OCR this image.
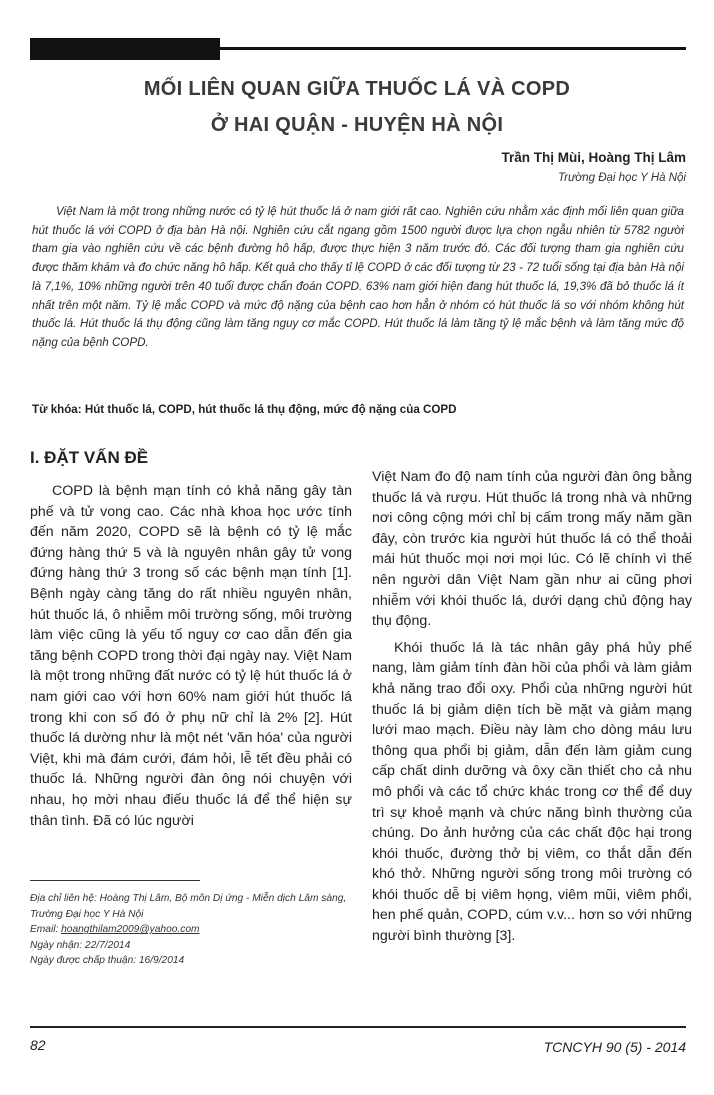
MỐI LIÊN QUAN GIỮA THUỐC LÁ VÀ COPD
Ở HAI QUẬN - HUYỆN HÀ NỘI
Trần Thị Mùi, Hoàng Thị Lâm
Trường Đại học Y Hà Nội
Việt Nam là một trong những nước có tỷ lệ hút thuốc lá ở nam giới rất cao. Nghiên cứu nhằm xác định mối liên quan giữa hút thuốc lá với COPD ở địa bàn Hà nội. Nghiên cứu cắt ngang gồm 1500 người được lựa chọn ngẫu nhiên từ 5782 người tham gia vào nghiên cứu về các bệnh đường hô hấp, được thực hiện 3 năm trước đó. Các đối tượng tham gia nghiên cứu được thăm khám và đo chức năng hô hấp. Kết quả cho thấy tỉ lệ COPD ở các đối tượng từ 23 - 72 tuổi sống tại địa bàn Hà nội là 7,1%, 10% những người trên 40 tuổi được chẩn đoán COPD. 63% nam giới hiện đang hút thuốc lá, 19,3% đã bỏ thuốc lá ít nhất trên một năm. Tỷ lệ mắc COPD và mức độ nặng của bệnh cao hơn hẳn ở nhóm có hút thuốc lá so với nhóm không hút thuốc lá. Hút thuốc lá thụ động cũng làm tăng nguy cơ mắc COPD. Hút thuốc lá làm tăng tỷ lệ mắc bệnh và làm tăng mức độ nặng của bệnh COPD.
Từ khóa: Hút thuốc lá, COPD, hút thuốc lá thụ động, mức độ nặng của COPD
I. ĐẶT VẤN ĐỀ

COPD là bệnh mạn tính có khả năng gây tàn phế và tử vong cao. Các nhà khoa học ước tính đến năm 2020, COPD sẽ là bệnh có tỷ lệ mắc đứng hàng thứ 5 và là nguyên nhân gây tử vong đứng hàng thứ 3 trong số các bệnh mạn tính [1]. Bệnh ngày càng tăng do rất nhiều nguyên nhân, hút thuốc lá, ô nhiễm môi trường sống, môi trường làm việc cũng là yếu tố nguy cơ cao dẫn đến gia tăng bệnh COPD trong thời đại ngày nay. Việt Nam là một trong những đất nước có tỷ lệ hút thuốc lá ở nam giới cao với hơn 60% nam giới hút thuốc lá trong khi con số đó ở phụ nữ chỉ là 2% [2]. Hút thuốc lá dường như là một nét 'văn hóa' của người Việt, khi mà đám cưới, đám hỏi, lễ tết đều phải có thuốc lá. Những người đàn ông nói chuyện với nhau, họ mời nhau điếu thuốc lá để thể hiện sự thân tình. Đã có lúc người

Việt Nam đo độ nam tính của người đàn ông bằng thuốc lá và rượu. Hút thuốc lá trong nhà và những nơi công cộng mới chỉ bị cấm trong mấy năm gần đây, còn trước kia người hút thuốc lá có thể thoải mái hút thuốc mọi nơi mọi lúc. Có lẽ chính vì thế nên người dân Việt Nam gần như ai cũng phơi nhiễm với khói thuốc lá, dưới dạng chủ động hay thụ động.

Khói thuốc lá là tác nhân gây phá hủy phế nang, làm giảm tính đàn hồi của phổi và làm giảm khả năng trao đổi oxy. Phổi của những người hút thuốc lá bị giảm diện tích bề mặt và giảm mạng lưới mao mạch. Điều này làm cho dòng máu lưu thông qua phổi bị giảm, dẫn đến làm giảm cung cấp chất dinh dưỡng và ôxy cần thiết cho cả nhu mô phổi và các tổ chức khác trong cơ thể để duy trì sự khoẻ mạnh và chức năng bình thường của chúng. Do ảnh hưởng của các chất độc hại trong khói thuốc, đường thở bị viêm, co thắt dẫn đến khó thở. Những người sống trong môi trường có khói thuốc dễ bị viêm họng, viêm mũi, viêm phổi, hen phế quản, COPD, cúm v.v... hơn so với những người bình thường [3].

Địa chỉ liên hệ: Hoàng Thị Lâm, Bộ môn Dị ứng - Miễn dịch Lâm sàng, Trường Đại học Y Hà Nội
Email: hoangthilam2009@yahoo.com
Ngày nhận: 22/7/2014
Ngày được chấp thuận: 16/9/2014
82	TCNCYH 90 (5) - 2014
